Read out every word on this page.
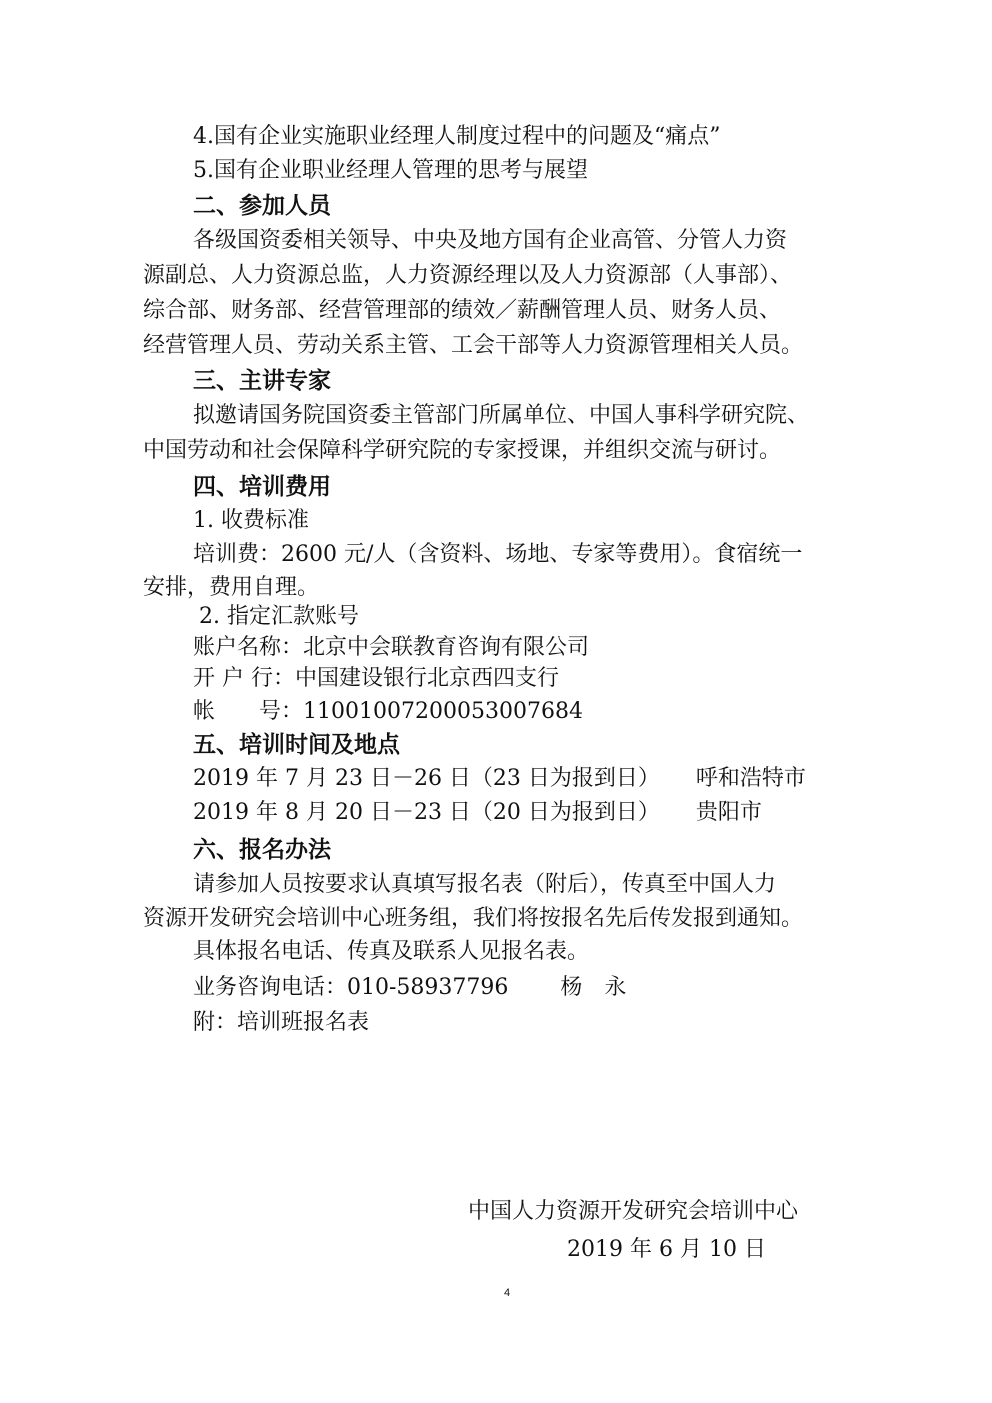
4.国有企业实施职业经理人制度过程中的问题及“痛点”
5.国有企业职业经理人管理的思考与展望
二、参加人员
各级国资委相关领导、中央及地方国有企业高管、分管人力资
源副总、人力资源总监，人力资源经理以及人力资源部（人事部）、
综合部、财务部、经营管理部的绩效／薪酬管理人员、财务人员、
经营管理人员、劳动关系主管、工会干部等人力资源管理相关人员。
三、主讲专家
拟邀请国务院国资委主管部门所属单位、中国人事科学研究院、
中国劳动和社会保障科学研究院的专家授课，并组织交流与研讨。
四、培训费用
1. 收费标准
培训费：2600 元/人（含资料、场地、专家等费用）。食宿统一
安排，费用自理。
2. 指定汇款账号
账户名称：北京中会联教育咨询有限公司
开 户 行：中国建设银行北京西四支行
帐　　号：11001007200053007684
五、培训时间及地点
2019 年 7 月 23 日－26 日（23 日为报到日） 呼和浩特市
2019 年 8 月 20 日－23 日（20 日为报到日） 贵阳市
六、报名办法
请参加人员按要求认真填写报名表（附后），传真至中国人力
资源开发研究会培训中心班务组，我们将按报名先后传发报到通知。
具体报名电话、传真及联系人见报名表。
业务咨询电话：010-58937796 杨　永
附：培训班报名表
中国人力资源开发研究会培训中心
2019 年 6 月 10 日
4
